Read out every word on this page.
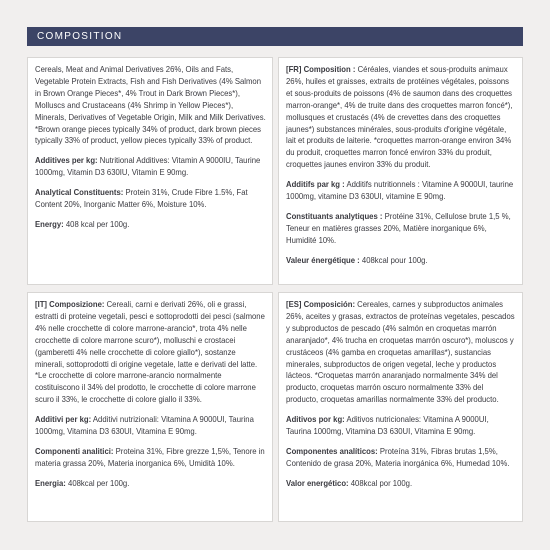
COMPOSITION

Cereals, Meat and Animal Derivatives 26%, Oils and Fats, Vegetable Protein Extracts, Fish and Fish Derivatives (4% Salmon in Brown Orange Pieces*, 4% Trout in Dark Brown Pieces*), Molluscs and Crustaceans (4% Shrimp in Yellow Pieces*), Minerals, Derivatives of Vegetable Origin, Milk and Milk Derivatives. *Brown orange pieces typically 34% of product, dark brown pieces typically 33% of product, yellow pieces typically 33% of product.

Additives per kg: Nutritional Additives: Vitamin A 9000IU, Taurine 1000mg, Vitamin D3 630IU, Vitamin E 90mg.

Analytical Constituents: Protein 31%, Crude Fibre 1.5%, Fat Content 20%, Inorganic Matter 6%, Moisture 10%.

Energy: 408 kcal per 100g.

[FR] Composition : Céréales, viandes et sous-produits animaux 26%, huiles et graisses, extraits de protéines végétales, poissons et sous-produits de poissons (4% de saumon dans des croquettes marron-orange*, 4% de truite dans des croquettes marron foncé*), mollusques et crustacés (4% de crevettes dans des croquettes jaunes*) substances minérales, sous-produits d'origine végétale, lait et produits de laiterie. *croquettes marron-orange environ 34% du produit, croquettes marron foncé environ 33% du produit, croquettes jaunes environ 33% du produit.

Additifs par kg : Additifs nutritionnels : Vitamine A 9000UI, taurine 1000mg, vitamine D3 630UI, vitamine E 90mg.

Constituants analytiques : Protéine 31%, Cellulose brute 1,5 %, Teneur en matières grasses 20%, Matière inorganique 6%, Humidité 10%.

Valeur énergétique : 408kcal pour 100g.

[IT] Composizione: Cereali, carni e derivati 26%, oli e grassi, estratti di proteine vegetali, pesci e sottoprodotti dei pesci (salmone 4% nelle crocchette di colore marrone-arancio*, trota 4% nelle crocchette di colore marrone scuro*), molluschi e crostacei (gamberetti 4% nelle crocchette di colore giallo*), sostanze minerali, sottoprodotti di origine vegetale, latte e derivati del latte. *Le crocchette di colore marrone-arancio normalmente costituiscono il 34% del prodotto, le crocchette di colore marrone scuro il 33%, le crocchette di colore giallo il 33%.

Additivi per kg: Additivi nutrizionali: Vitamina A 9000UI, Taurina 1000mg, Vitamina D3 630UI, Vitamina E 90mg.

Componenti analitici: Proteina 31%, Fibre grezze 1,5%, Tenore in materia grassa 20%, Materia inorganica 6%, Umidità 10%.

Energia: 408kcal per 100g.

[ES] Composición: Cereales, carnes y subproductos animales 26%, aceites y grasas, extractos de proteínas vegetales, pescados y subproductos de pescado (4% salmón en croquetas marrón anaranjado*, 4% trucha en croquetas marrón oscuro*), moluscos y crustáceos (4% gamba en croquetas amarillas*), sustancias minerales, subproductos de origen vegetal, leche y productos lácteos. *Croquetas marrón anaranjado normalmente 34% del producto, croquetas marrón oscuro normalmente 33% del producto, croquetas amarillas normalmente 33% del producto.

Aditivos por kg: Aditivos nutricionales: Vitamina A 9000UI, Taurina 1000mg, Vitamina D3 630UI, Vitamina E 90mg.

Componentes analíticos: Proteína 31%, Fibras brutas 1,5%, Contenido de grasa 20%, Materia inorgánica 6%, Humedad 10%.

Valor energético: 408kcal por 100g.
